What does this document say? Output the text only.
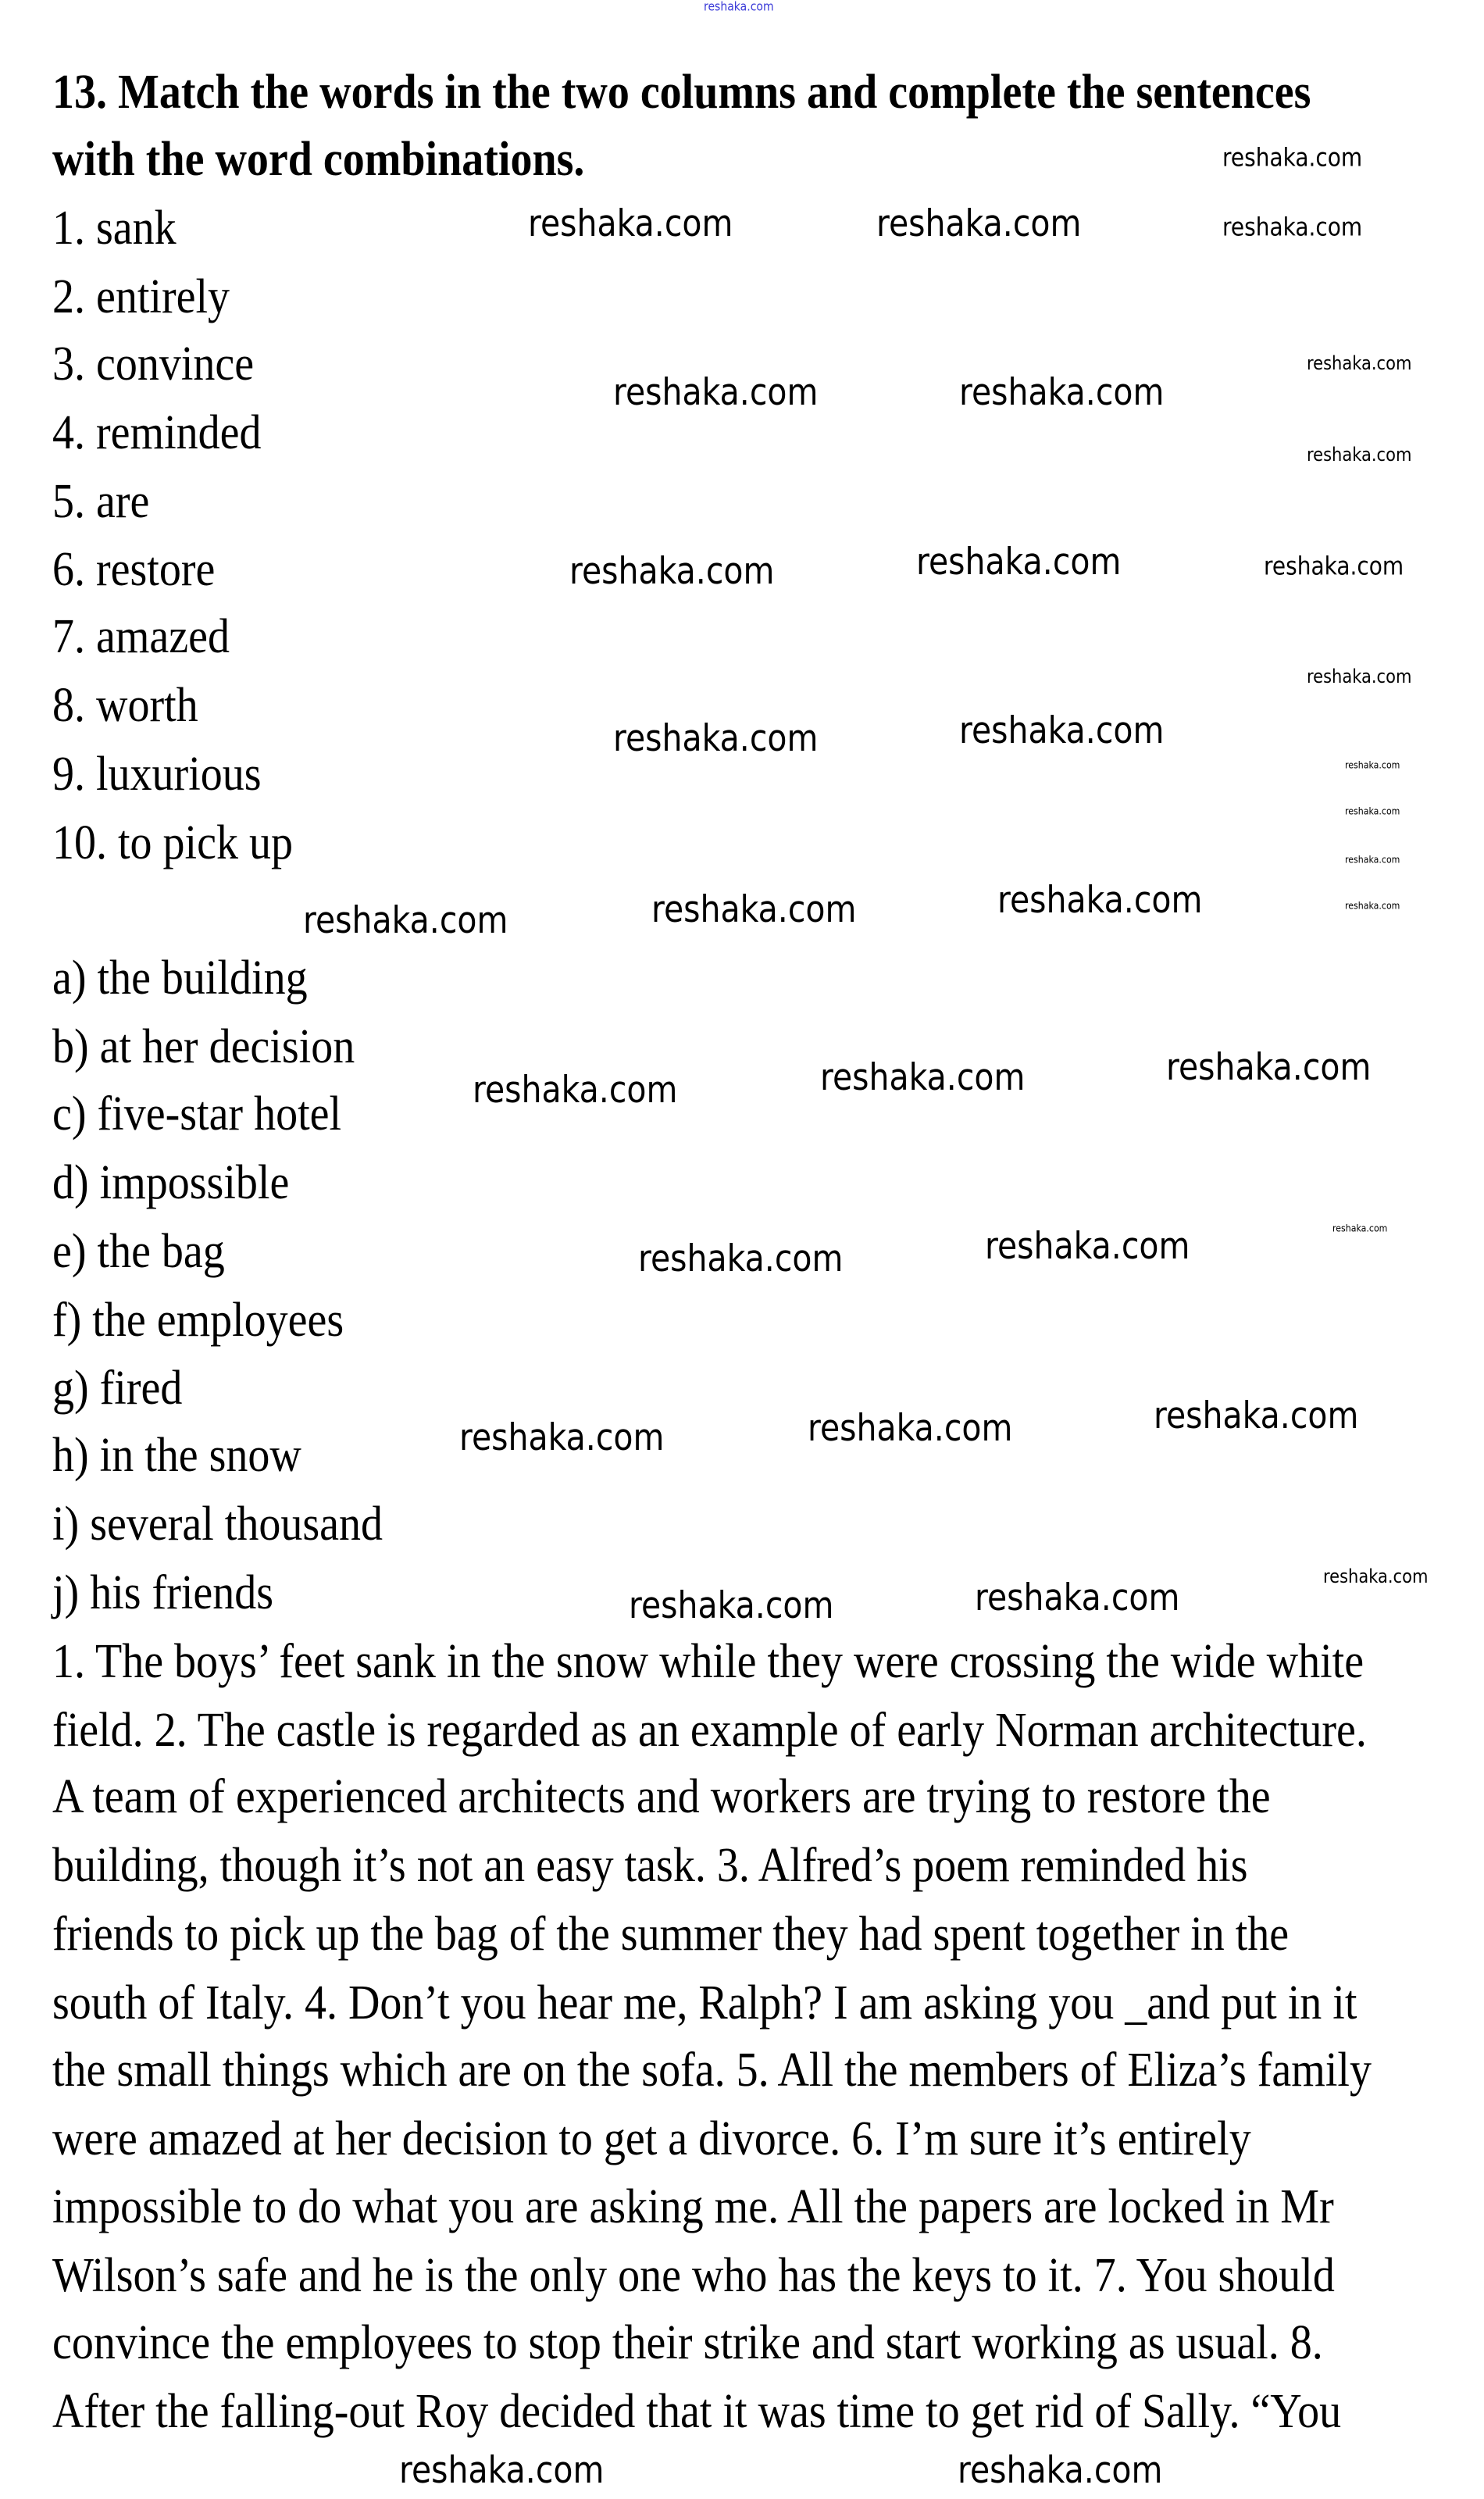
13. Match the words in the two columns and complete the sentences
with the word combinations.
1. sank
2. entirely
3. convince
4. reminded
5. are
6. restore
7. amazed
8. worth
9. luxurious
10. to pick up
a) the building
b) at her decision
c) five-star hotel
d) impossible
e) the bag
f) the employees
g) fired
h) in the snow
i) several thousand
j) his friends
1. The boys’ feet sank in the snow while they were crossing the wide white
field. 2. The castle is regarded as an example of early Norman architecture.
A team of experienced architects and workers are trying to restore the
building, though it’s not an easy task. 3. Alfred’s poem reminded his
friends to pick up the bag of the summer they had spent together in the
south of Italy. 4. Don’t you hear me, Ralph? I am asking you _and put in it
the small things which are on the sofa. 5. All the members of Eliza’s family
were amazed at her decision to get a divorce. 6. I’m sure it’s entirely
impossible to do what you are asking me. All the papers are locked in Mr
Wilson’s safe and he is the only one who has the keys to it. 7. You should
convince the employees to stop their strike and start working as usual. 8.
After the falling-out Roy decided that it was time to get rid of Sally. “You
reshaka.com
reshaka.com
reshaka.com	reshaka.com	reshaka.com
reshaka.com	reshaka.com
reshaka.com
reshaka.com
reshaka.com	reshaka.com	reshaka.com
reshaka.com
reshaka.com	reshaka.com
reshaka.com
reshaka.com
reshaka.com
reshaka.com
reshaka.com	reshaka.com	reshaka.com
reshaka.com	reshaka.com	reshaka.com
reshaka.com	reshaka.com	reshaka.com
reshaka.com	reshaka.com	reshaka.com
reshaka.com	reshaka.com	reshaka.com
reshaka.com	reshaka.com
